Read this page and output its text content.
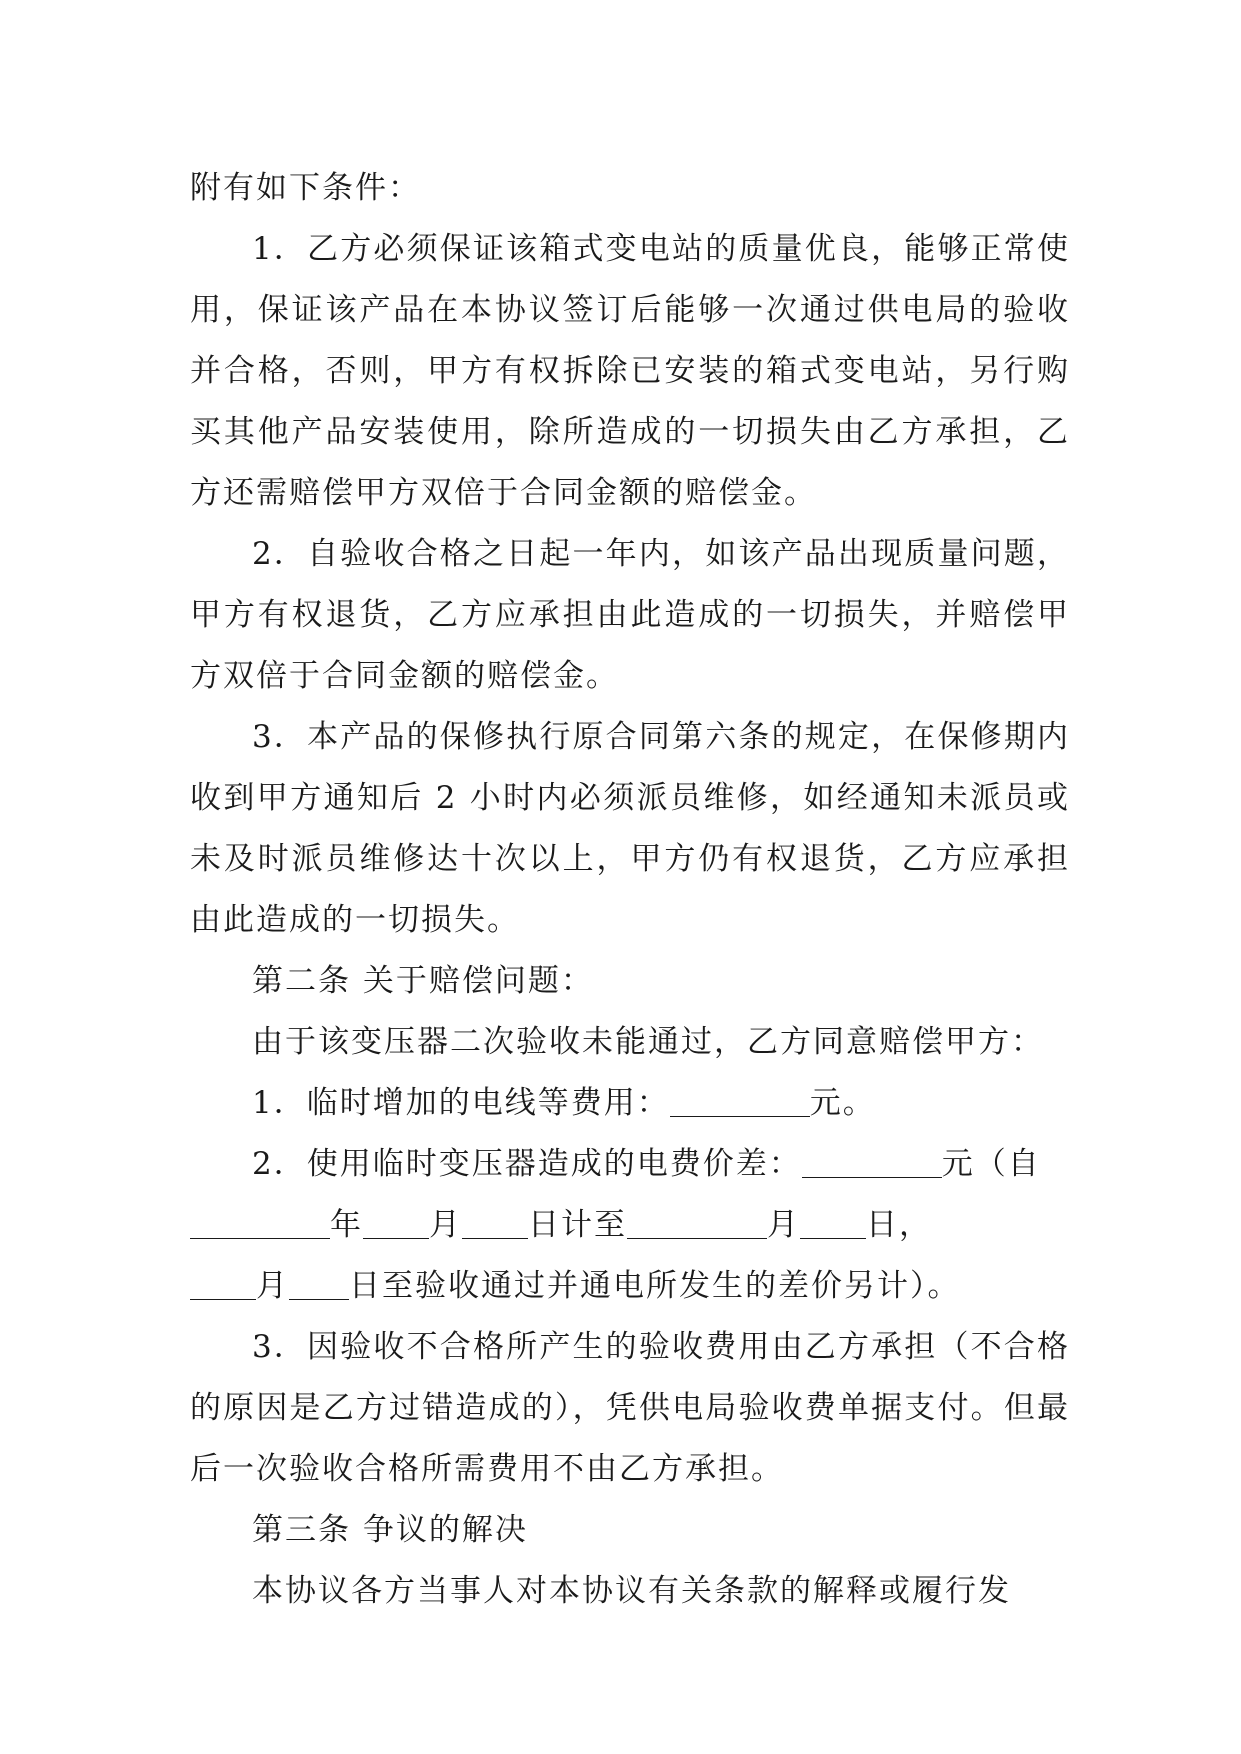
附有如下条件：

1．乙方必须保证该箱式变电站的质量优良，能够正常使用，保证该产品在本协议签订后能够一次通过供电局的验收并合格，否则，甲方有权拆除已安装的箱式变电站，另行购买其他产品安装使用，除所造成的一切损失由乙方承担，乙方还需赔偿甲方双倍于合同金额的赔偿金。

2．自验收合格之日起一年内，如该产品出现质量问题，甲方有权退货，乙方应承担由此造成的一切损失，并赔偿甲方双倍于合同金额的赔偿金。

3．本产品的保修执行原合同第六条的规定，在保修期内收到甲方通知后 2 小时内必须派员维修，如经通知未派员或未及时派员维修达十次以上，甲方仍有权退货，乙方应承担由此造成的一切损失。

第二条 关于赔偿问题：

由于该变压器二次验收未能通过，乙方同意赔偿甲方：

1．临时增加的电线等费用：	元。

2．使用临时变压器造成的电费价差：	元（自

年 月 日计至	月 日，

月 日至验收通过并通电所发生的差价另计）。

3．因验收不合格所产生的验收费用由乙方承担（不合格的原因是乙方过错造成的），凭供电局验收费单据支付。但最后一次验收合格所需费用不由乙方承担。

第三条 争议的解决

本协议各方当事人对本协议有关条款的解释或履行发
